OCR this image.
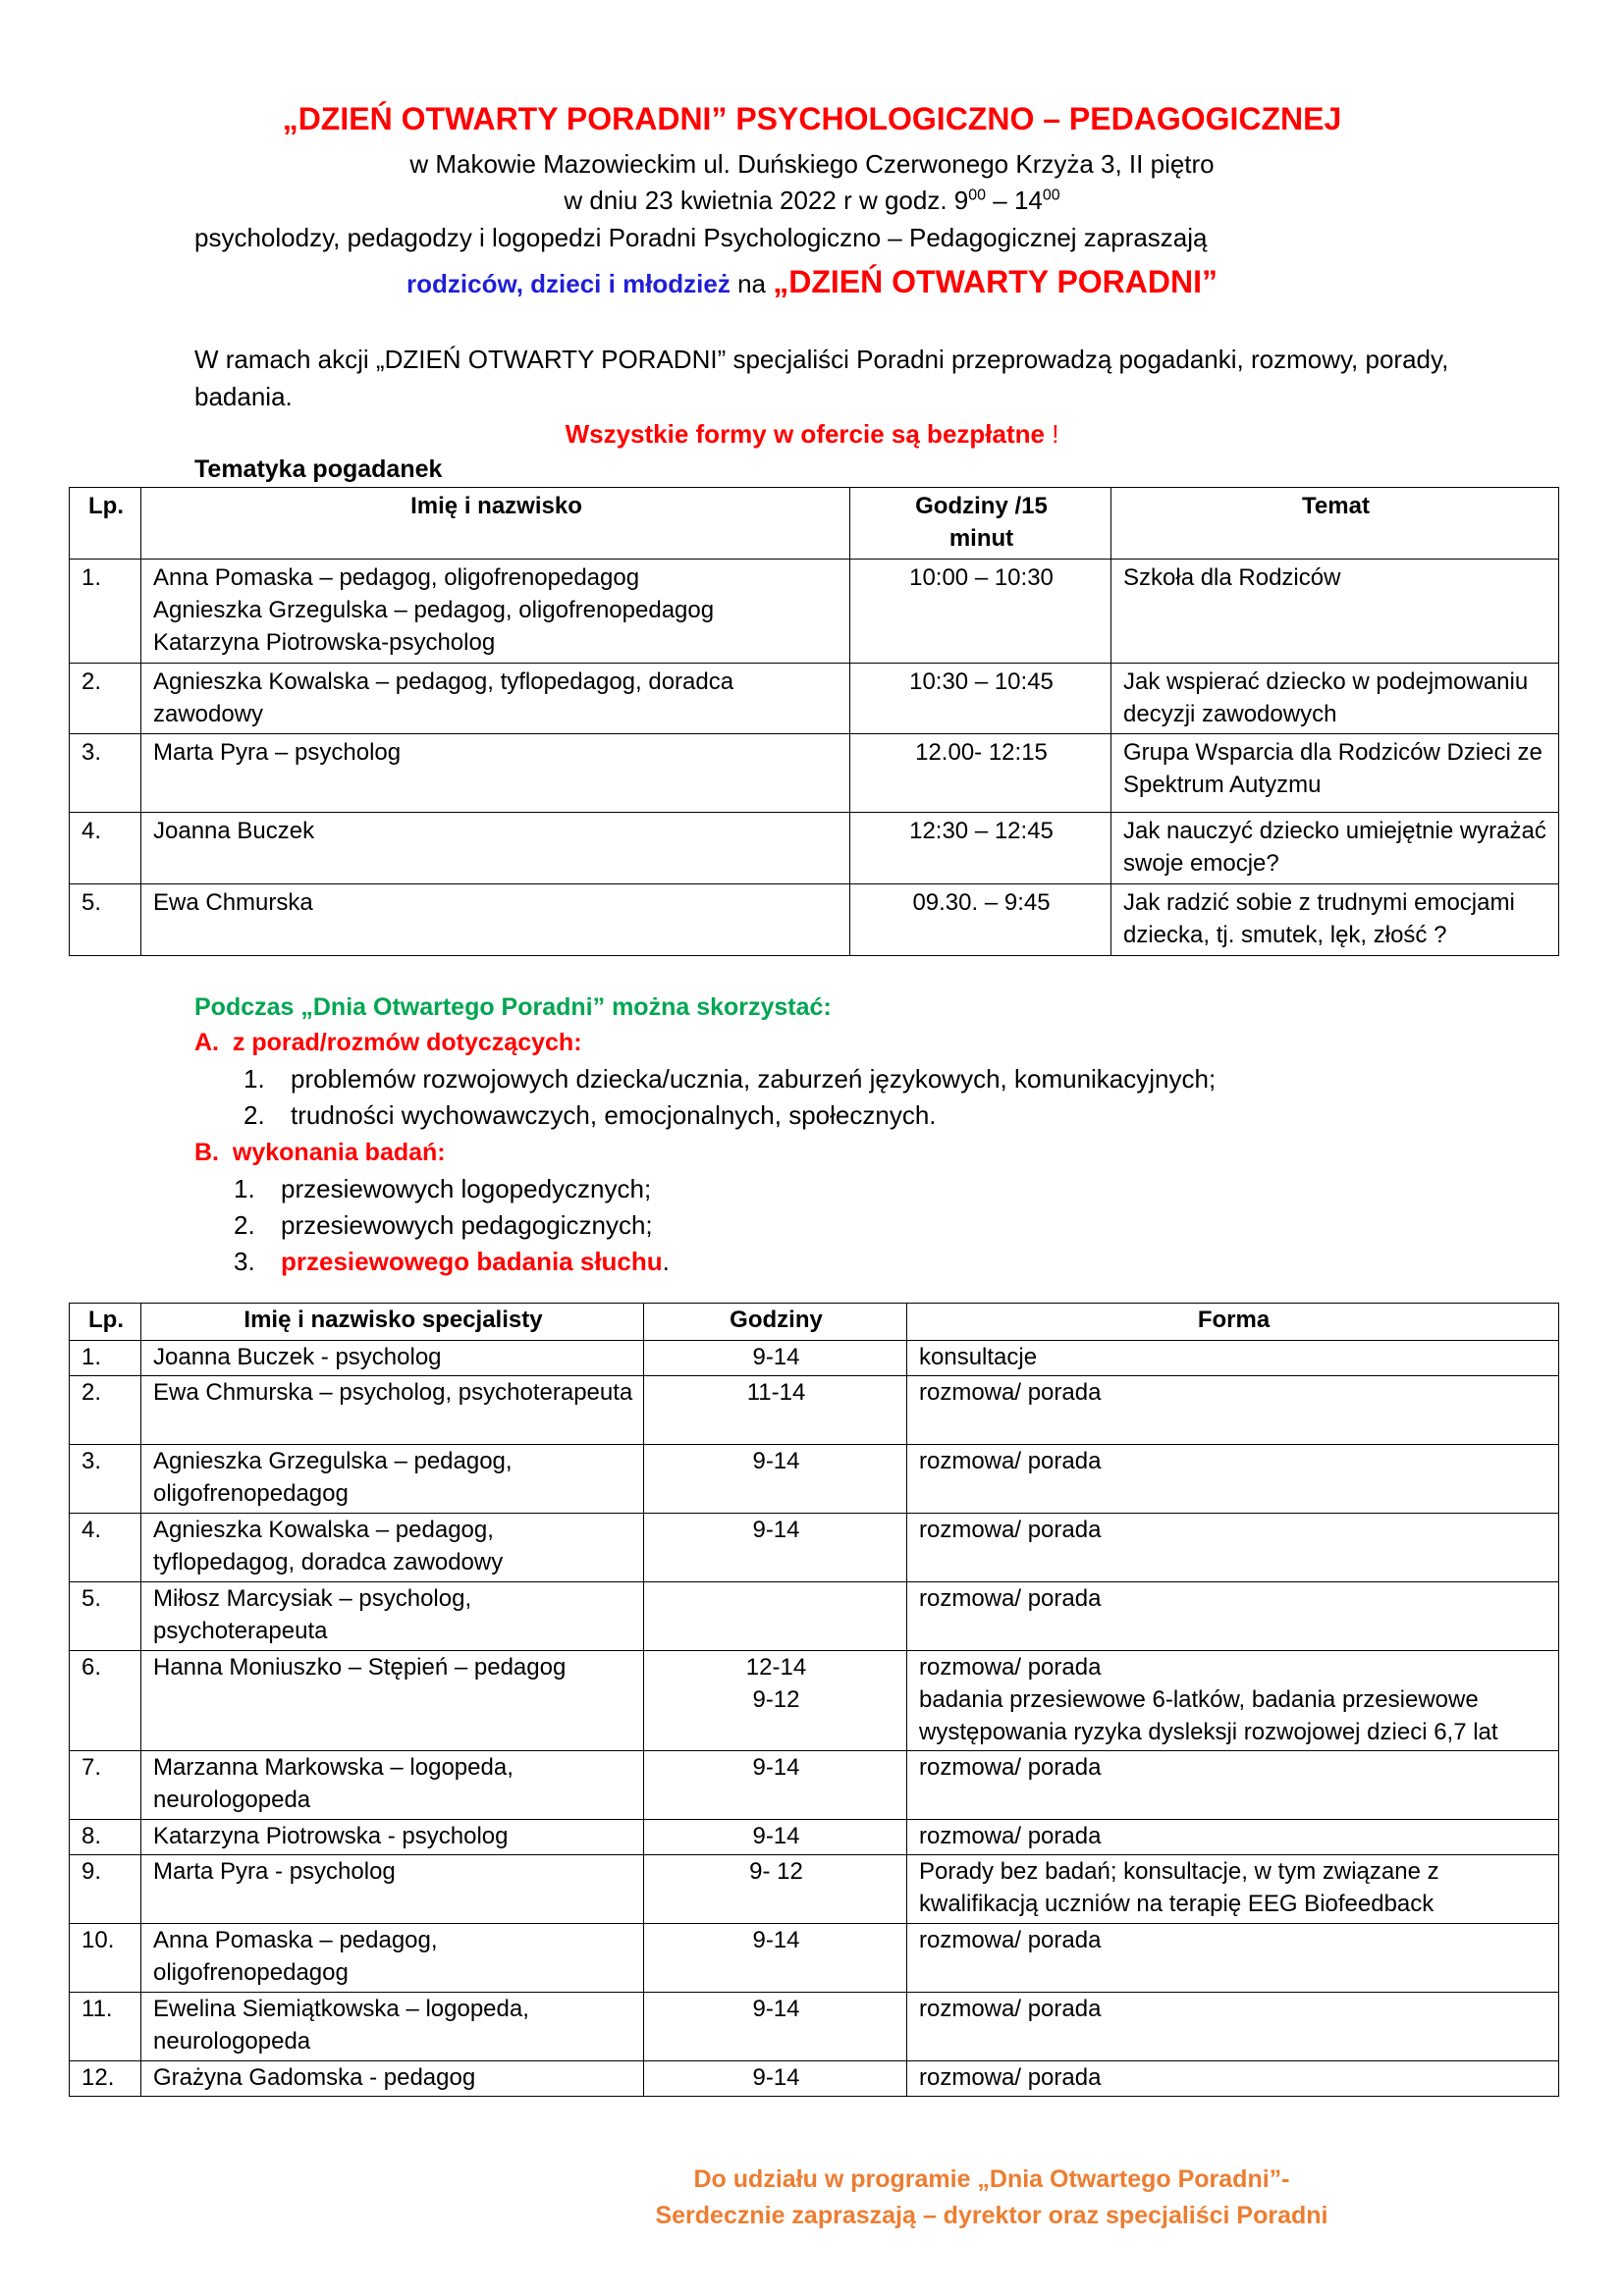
„DZIEŃ OTWARTY PORADNI” PSYCHOLOGICZNO – PEDAGOGICZNEJ
w Makowie Mazowieckim ul. Duńskiego Czerwonego Krzyża 3, II piętro
w dniu 23 kwietnia 2022 r w godz. $9^{00} - 14^{00}$
psycholodzy, pedagodzy i logopedzi Poradni Psychologiczno – Pedagogicznej zapraszają
rodziców, dzieci i młodzież na „DZIEŃ OTWARTY PORADNI”
W ramach akcji „DZIEŃ OTWARTY PORADNI” specjaliści Poradni przeprowadzą pogadanki, rozmowy, porady, badania.
Wszystkie formy w ofercie są bezpłatne !
Tematyka pogadanek
Lp.	Imię i nazwisko	Godziny /15 minut	Temat
1.	Anna Pomaska – pedagog, oligofrenopedagog
Agnieszka Grzegulska – pedagog, oligofrenopedagog
Katarzyna Piotrowska-psycholog	10:00 – 10:30	Szkoła dla Rodziców

2.	Agnieszka Kowalska – pedagog, tyflopedagog, doradca zawodowy	10:30 – 10:45	Jak wspierać dziecko w podejmowaniu decyzji zawodowych

3.	Marta Pyra – psycholog	12.00- 12:15	Grupa Wsparcia dla Rodziców Dzieci ze Spektrum Autyzmu

4.	Joanna Buczek	12:30 – 12:45	Jak nauczyć dziecko umiejętnie wyrażać swoje emocje?

5.	Ewa Chmurska	09.30. – 9:45	Jak radzić sobie z trudnymi emocjami dziecka, tj. smutek, lęk, złość ?
Podczas „Dnia Otwartego Poradni” można skorzystać:
A. z porad/rozmów dotyczących:
1. problemów rozwojowych dziecka/ucznia, zaburzeń językowych, komunikacyjnych;
2. trudności wychowawczych, emocjonalnych, społecznych.
B. wykonania badań:
1. przesiewowych logopedycznych;
2. przesiewowych pedagogicznych;
3. przesiewowego badania słuchu.
Lp.	Imię i nazwisko specjalisty	Godziny	Forma
1.	Joanna Buczek - psycholog	9-14	konsultacje

2.	Ewa Chmurska – psycholog, psychoterapeuta	11-14	rozmowa/ porada

3.	Agnieszka Grzegulska – pedagog, oligofrenopedagog	9-14	rozmowa/ porada

4.	Agnieszka Kowalska – pedagog, tyflopedagog, doradca zawodowy	9-14	rozmowa/ porada

5.	Miłosz Marcysiak – psycholog, psychoterapeuta		rozmowa/ porada

6.	Hanna Moniuszko – Stępień – pedagog	12-14
9-12	rozmowa/ porada
badania przesiewowe 6-latków, badania przesiewowe występowania ryzyka dysleksji rozwojowej dzieci 6,7 lat

7.	Marzanna Markowska – logopeda, neurologopeda	9-14	rozmowa/ porada

8.	Katarzyna Piotrowska - psycholog	9-14	rozmowa/ porada

9.	Marta Pyra - psycholog	9- 12	Porady bez badań; konsultacje, w tym związane z kwalifikacją uczniów na terapię EEG Biofeedback

10.	Anna Pomaska – pedagog, oligofrenopedagog	9-14	rozmowa/ porada

11.	Ewelina Siemiątkowska – logopeda, neurologopeda	9-14	rozmowa/ porada

12.	Grażyna Gadomska - pedagog	9-14	rozmowa/ porada
Do udziału w programie „Dnia Otwartego Poradni”-
Serdecznie zapraszają – dyrektor oraz specjaliści Poradni
